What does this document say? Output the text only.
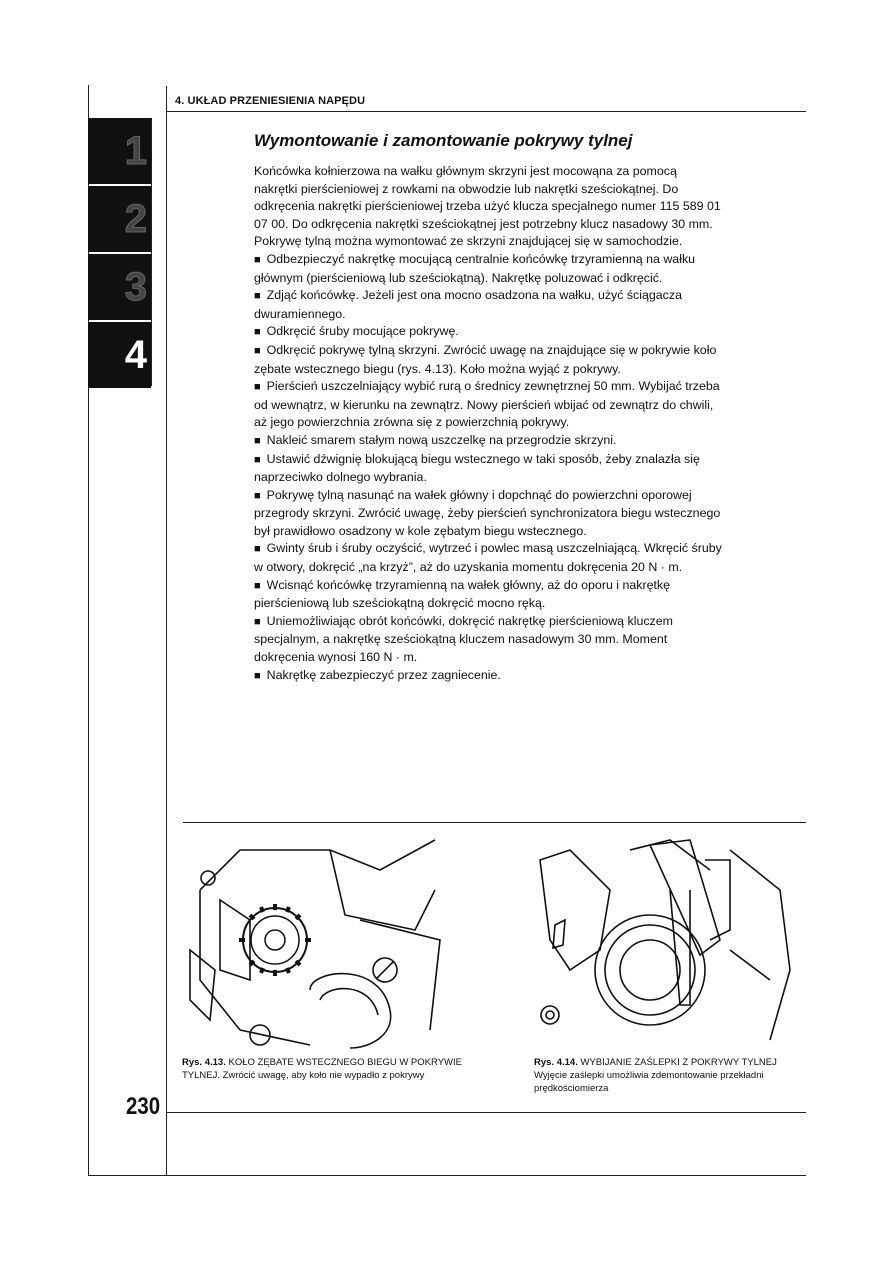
4. UKŁAD PRZENIESIENIA NAPĘDU
1
2
3
4
Wymontowanie i zamontowanie pokrywy tylnej

Końcówka kołnierzowa na wałku głównym skrzyni jest mocowąna za pomocą nakrętki pierścieniowej z rowkami na obwodzie lub nakrętki sześciokątnej. Do odkręcenia nakrętki pierścieniowej trzeba użyć klucza specjalnego numer 115 589 01 07 00. Do odkręcenia nakrętki sześciokątnej jest potrzebny klucz nasadowy 30 mm. Pokrywę tylną można wymontować ze skrzyni znajdującej się w samochodzie.

■ Odbezpieczyć nakrętkę mocującą centralnie końcówkę trzyramienną na wałku głównym (pierścieniową lub sześciokątną). Nakrętkę poluzować i odkręcić.

■ Zdjąć końcówkę. Jeżeli jest ona mocno osadzona na wałku, użyć ściągacza dwuramiennego.

■ Odkręcić śruby mocujące pokrywę.

■ Odkręcić pokrywę tylną skrzyni. Zwrócić uwagę na znajdujące się w pokrywie koło zębate wstecznego biegu (rys. 4.13). Koło można wyjąć z pokrywy.

■ Pierścień uszczelniający wybić rurą o średnicy zewnętrznej 50 mm. Wybijać trzeba od wewnątrz, w kierunku na zewnątrz. Nowy pierścień wbijać od zewnątrz do chwili, aż jego powierzchnia zrówna się z powierzchnią pokrywy.

■ Nakleić smarem stałym nową uszczelkę na przegrodzie skrzyni.

■ Ustawić dźwignię blokującą biegu wstecznego w taki sposób, żeby znalazła się naprzeciwko dolnego wybrania.

■ Pokrywę tylną nasunąć na wałek główny i dopchnąć do powierzchni oporowej przegrody skrzyni. Zwrócić uwagę, żeby pierścień synchronizatora biegu wstecznego był prawidłowo osadzony w kole zębatym biegu wstecznego.

■ Gwinty śrub i śruby oczyścić, wytrzeć i powlec masą uszczelniającą. Wkręcić śruby w otwory, dokręcić „na krzyż”, aż do uzyskania momentu dokręcenia 20 N · m.

■ Wcisnąć końcówkę trzyramienną na wałek główny, aż do oporu i nakrętkę pierścieniową lub sześciokątną dokręcić mocno ręką.

■ Uniemożliwiając obrót końcówki, dokręcić nakrętkę pierścieniową kluczem specjalnym, a nakrętkę sześciokątną kluczem nasadowym 30 mm. Moment dokręcenia wynosi 160 N · m.

■ Nakrętkę zabezpieczyć przez zagniecenie.

Rys. 4.13. KOŁO ZĘBATE WSTECZNEGO BIEGU W POKRYWIE TYLNEJ. Zwrócić uwagę, aby koło nie wypadło z pokrywy
Rys. 4.14. WYBIJANIE ZAŚLEPKI Z POKRYWY TYLNEJ
Wyjęcie zaślepki umożliwia zdemontowanie przekładni prędkościomierza
230
